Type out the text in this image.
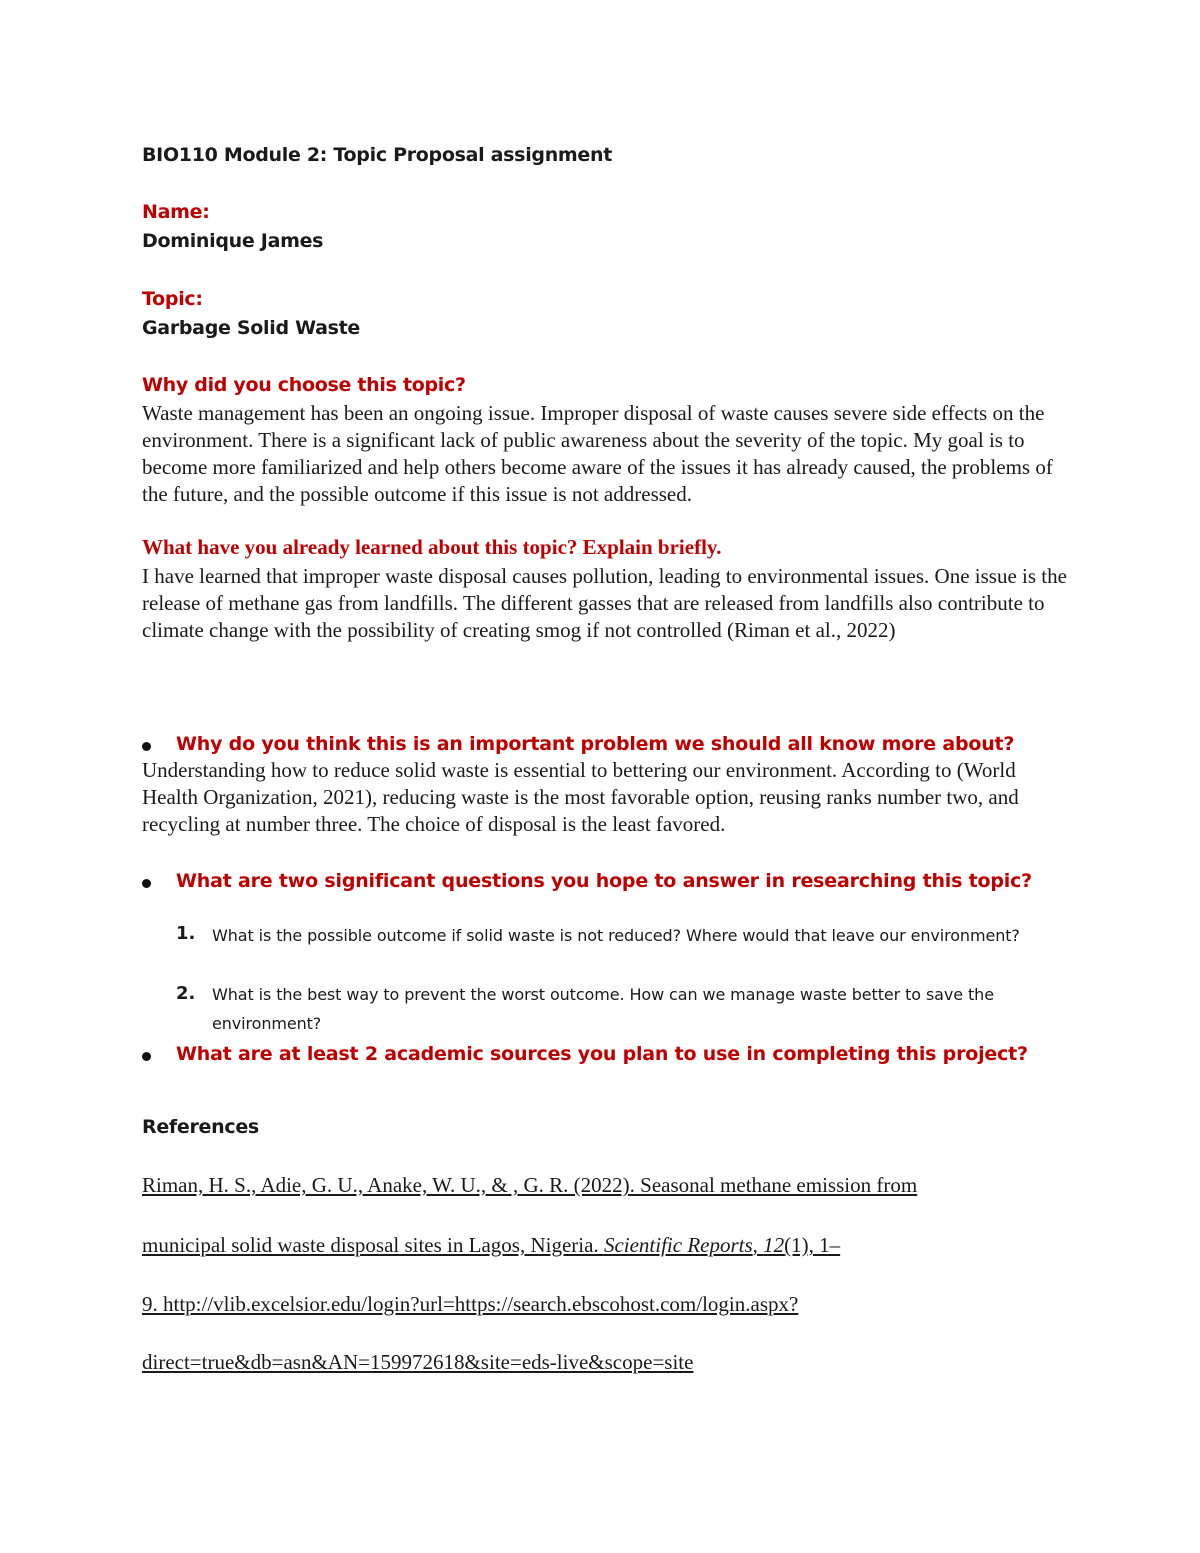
BIO110 Module 2: Topic Proposal assignment
Name:
Dominique James
Topic:
Garbage Solid Waste
Why did you choose this topic?
Waste management has been an ongoing issue. Improper disposal of waste causes severe side effects on the environment. There is a significant lack of public awareness about the severity of the topic. My goal is to become more familiarized and help others become aware of the issues it has already caused, the problems of the future, and the possible outcome if this issue is not addressed.
What have you already learned about this topic? Explain briefly.
I have learned that improper waste disposal causes pollution, leading to environmental issues. One issue is the release of methane gas from landfills. The different gasses that are released from landfills also contribute to climate change with the possibility of creating smog if not controlled (Riman et al., 2022)
Why do you think this is an important problem we should all know more about?
Understanding how to reduce solid waste is essential to bettering our environment. According to (World Health Organization, 2021), reducing waste is the most favorable option, reusing ranks number two, and recycling at number three. The choice of disposal is the least favored.
What are two significant questions you hope to answer in researching this topic?
1. What is the possible outcome if solid waste is not reduced? Where would that leave our environment?
2. What is the best way to prevent the worst outcome. How can we manage waste better to save the environment?
What are at least 2 academic sources you plan to use in completing this project?
References
Riman, H. S., Adie, G. U., Anake, W. U., & , G. R. (2022). Seasonal methane emission from
municipal solid waste disposal sites in Lagos, Nigeria. Scientific Reports, 12(1), 1–
9. http://vlib.excelsior.edu/login?url=https://search.ebscohost.com/login.aspx?
direct=true&db=asn&AN=159972618&site=eds-live&scope=site
